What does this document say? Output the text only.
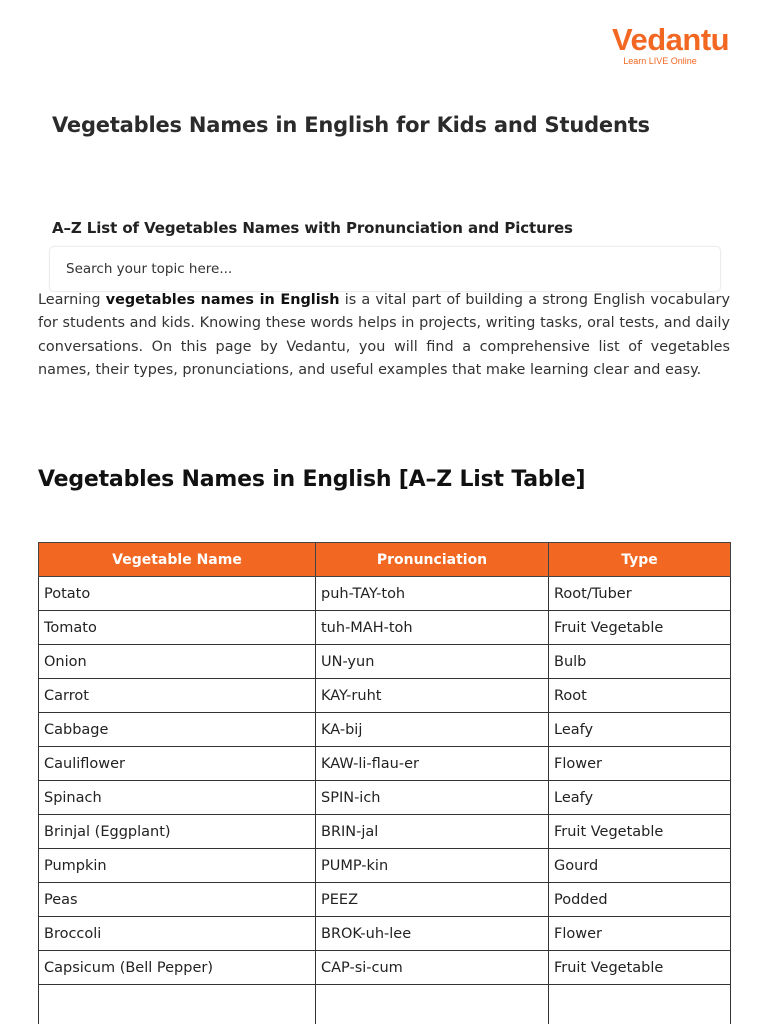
Vedantu
Learn LIVE Online
Vegetables Names in English for Kids and Students
A–Z List of Vegetables Names with Pronunciation and Pictures
Search your topic here...

Learning vegetables names in English is a vital part of building a strong English vocabulary for students and kids. Knowing these words helps in projects, writing tasks, oral tests, and daily conversations. On this page by Vedantu, you will find a comprehensive list of vegetables names, their types, pronunciations, and useful examples that make learning clear and easy.

Vegetables Names in English [A–Z List Table]
Vegetable Name	Pronunciation	Type
Potato	puh-TAY-toh	Root/Tuber
Tomato	tuh-MAH-toh	Fruit Vegetable
Onion	UN-yun	Bulb
Carrot	KAY-ruht	Root
Cabbage	KA-bij	Leafy
Cauliflower	KAW-li-flau-er	Flower
Spinach	SPIN-ich	Leafy
Brinjal (Eggplant)	BRIN-jal	Fruit Vegetable
Pumpkin	PUMP-kin	Gourd
Peas	PEEZ	Podded
Broccoli	BROK-uh-lee	Flower
Capsicum (Bell Pepper)	CAP-si-cum	Fruit Vegetable
